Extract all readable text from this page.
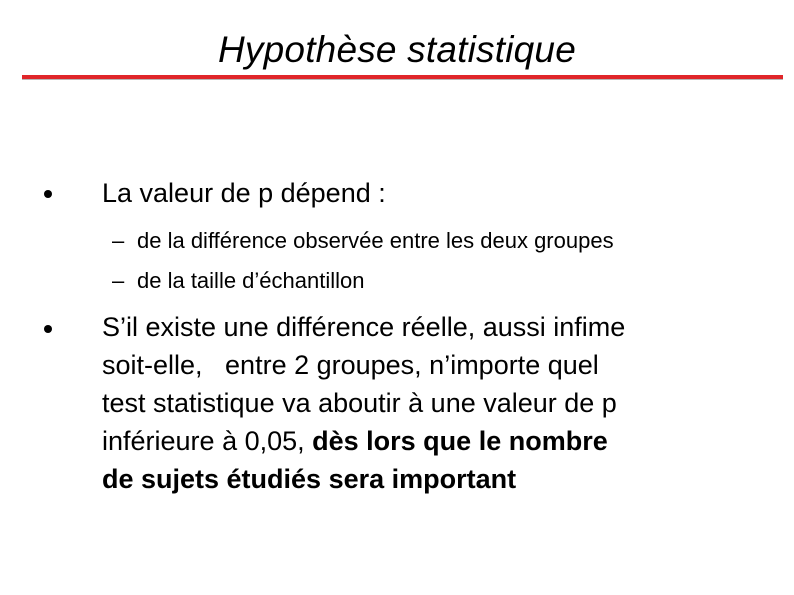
Hypothèse statistique
La valeur de p dépend :
– de la différence observée entre les deux groupes
– de la taille d’échantillon
S’il existe une différence réelle, aussi infime
soit-elle,   entre 2 groupes, n’importe quel
test statistique va aboutir à une valeur de p
inférieure à 0,05, dès lors que le nombre
de sujets étudiés sera important
